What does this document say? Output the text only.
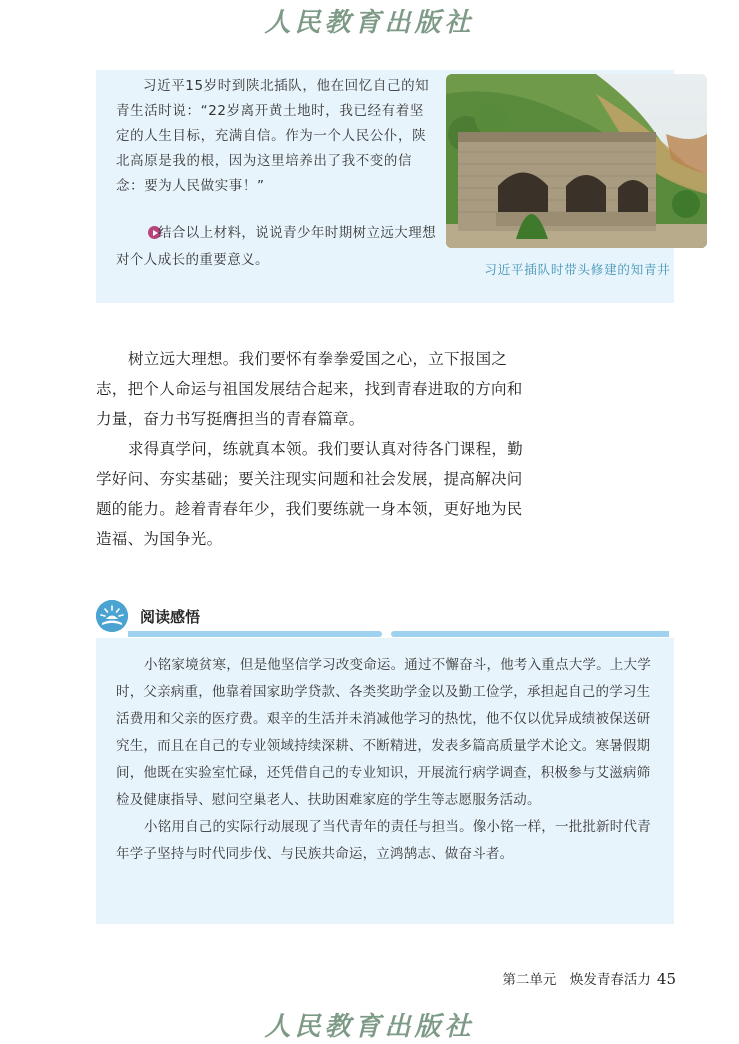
人民教育出版社
习近平15岁时到陕北插队，他在回忆自己的知青生活时说：“22岁离开黄土地时，我已经有着坚定的人生目标，充满自信。作为一个人民公仆，陕北高原是我的根，因为这里培养出了我不变的信念：要为人民做实事！”
结合以上材料，说说青少年时期树立远大理想对个人成长的重要意义。
习近平插队时带头修建的知青井

树立远大理想。我们要怀有拳拳爱国之心，立下报国之志，把个人命运与祖国发展结合起来，找到青春进取的方向和力量，奋力书写挺膺担当的青春篇章。

求得真学问，练就真本领。我们要认真对待各门课程，勤学好问、夯实基础；要关注现实问题和社会发展，提高解决问题的能力。趁着青春年少，我们要练就一身本领，更好地为民造福、为国争光。

阅读感悟

小铭家境贫寒，但是他坚信学习改变命运。通过不懈奋斗，他考入重点大学。上大学时，父亲病重，他靠着国家助学贷款、各类奖助学金以及勤工俭学，承担起自己的学习生活费用和父亲的医疗费。艰辛的生活并未消减他学习的热忱，他不仅以优异成绩被保送研究生，而且在自己的专业领域持续深耕、不断精进，发表多篇高质量学术论文。寒暑假期间，他既在实验室忙碌，还凭借自己的专业知识，开展流行病学调查，积极参与艾滋病筛检及健康指导、慰问空巢老人、扶助困难家庭的学生等志愿服务活动。

小铭用自己的实际行动展现了当代青年的责任与担当。像小铭一样，一批批新时代青年学子坚持与时代同步伐、与民族共命运，立鸿鹄志、做奋斗者。

第二单元　焕发青春活力 45
人民教育出版社
